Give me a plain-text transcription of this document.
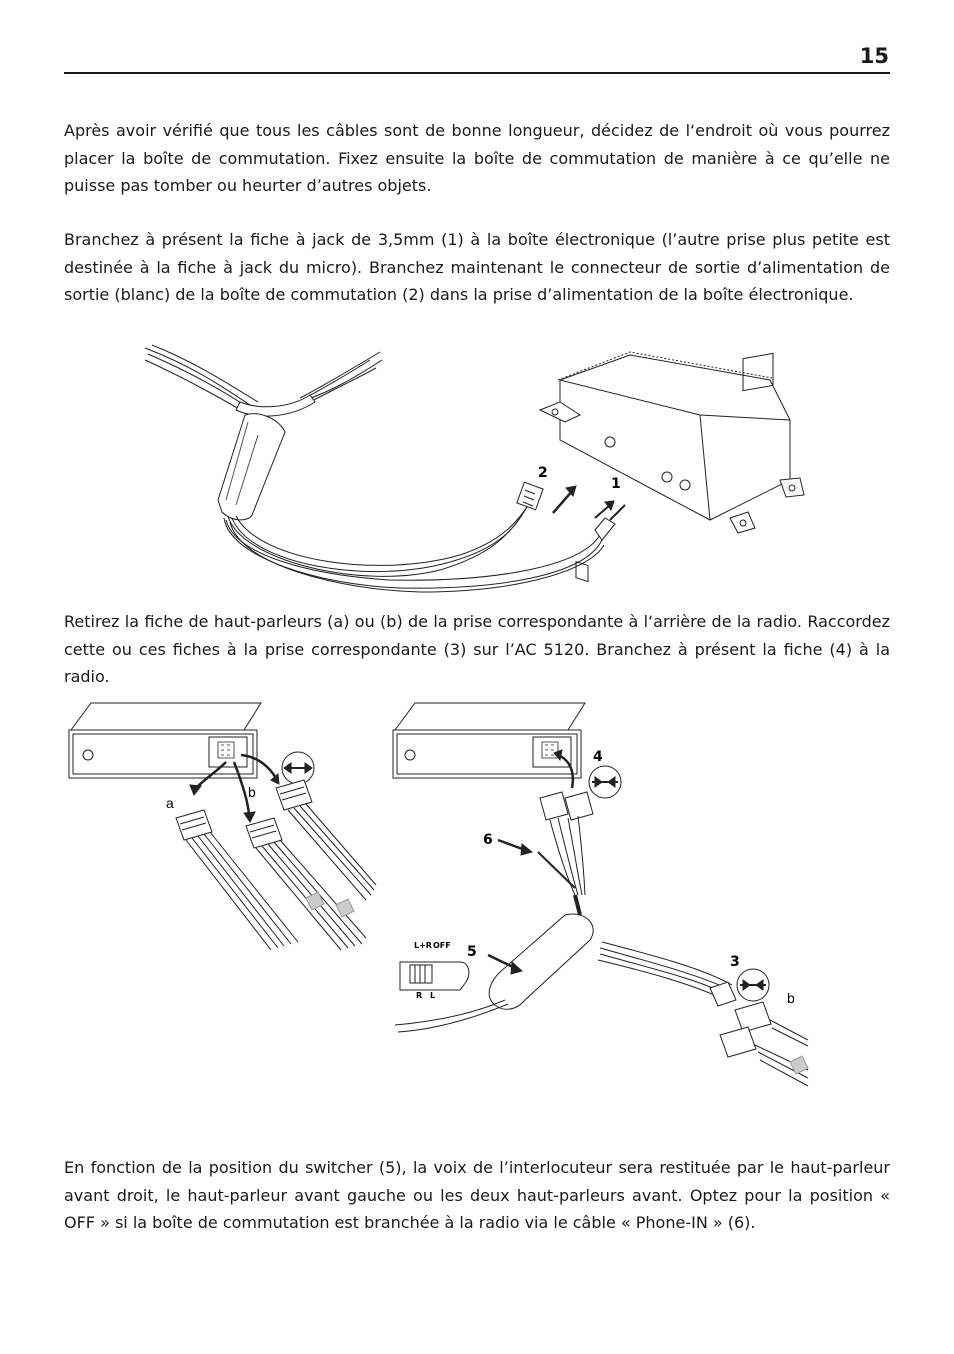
15

Après avoir vérifié que tous les câbles sont de bonne longueur, décidez de l‘endroit où vous pourrez placer la boîte de commutation. Fixez ensuite la boîte de commutation de manière à ce qu’elle ne puisse pas tomber ou heurter d’autres objets.

Branchez à présent la fiche à jack de 3,5mm (1) à la boîte électronique (l’autre prise plus petite est destinée à la fiche à jack du micro). Branchez maintenant le connecteur de sortie d’alimentation de sortie (blanc) de la boîte de commutation (2) dans la prise d’alimentation de la boîte électronique.

2
1

Retirez la fiche de haut-parleurs (a) ou (b) de la prise correspondante à l‘arrière de la radio. Raccordez cette ou ces fiches à la prise correspondante (3) sur l’AC 5120. Branchez à présent la fiche (4) à la radio.

a
b
4
6
5
3
b
L+R OFF
R L

En fonction de la position du switcher (5), la voix de l’interlocuteur sera restituée par le haut-parleur avant droit, le haut-parleur avant gauche ou les deux haut-parleurs avant. Optez pour la position « OFF » si la boîte de commutation est branchée à la radio via le câble « Phone-IN » (6).
